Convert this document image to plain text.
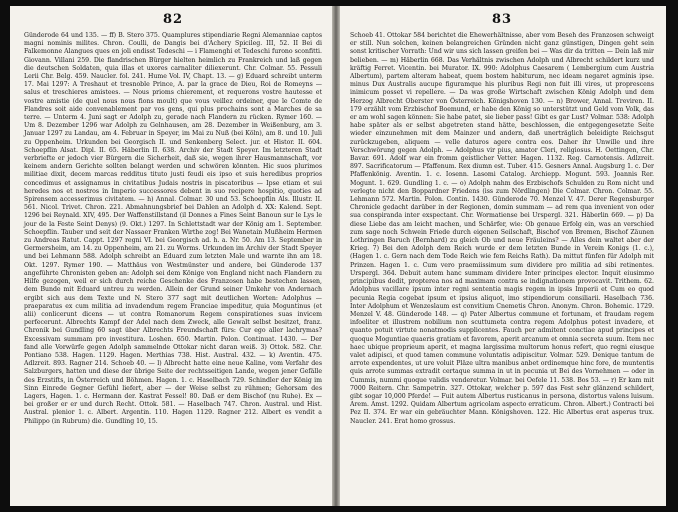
82
Günderode 64 und 135. — ff) B. Stero 375. Quamplures stipendiarie Regni Alemanniae captos magni nominis milites. Chron. Coulli, de Dangis bei d'Achery Spicileg. III, 52. II Bei di Falkemonne Alangues ques en joli endisst Tedeschi — i Flamenghi et Tedeschi furono sconfitti. Giovann. Villani 259. Die flandrischen Bürger hielten heimlich zu Frankreich und laß gegen die deutschen Soldaten, quia illas et uxores carnaliter diliexerunt. Chr. Colmar. 55. Pessuli Lerii Chr. Belg. 459. Naucler. fol. 241. Hume Vol. IV, Chapt. 13. — g) Eduard schreibt unterm 17. Mai 1297: A Treshaut et tresnoble Prince, A. par la grace de Dieu, Roi de Romeyns — salus et treschieres amistees. — Nous prioms chierement, et requerons vostre hautesse et vostre amistie (de quel nous nous fions moult) que vous veillez ordeiner, que le Comte de Flandres soit aide convenablement par vos gens, qui plus prochains sont a Marches de sa terre. — Unterm 4. Juni sagt er Adolph zu, gerade nach Flandern zu rücken. Rymer 160. — Um 8. Dezember 1296 war Adolph zu Gelnhausen, am 28. Dezember in Weißenburg, am 3. Januar 1297 zu Landau, am 4. Februar in Speyer, im Mai zu Nuß (bei Köln), am 8. und 10. Juli zu Oppenheim. Urkunden bei Georgisch II. und Senkenberg Select. jur. et Histor. II. 604. Schoepflin Alsat. Dipl. II. 65. Häberlin II. 638. Archiv der Stadt Speyer. Im letzteren Stadt verbriefte er jedoch vier Bürgern die Sicherheit, daß sie, wegen ihrer Hausmannschaft, vor keinem andern Gerichte sollten belangt werden und schwören könnten. Hic suos plurimos militiae dixit, decem marcas redditus tituto justi feudi eis ipso et suis heredibus proprios concedimus et assignamus in civitatibus Judais nostris in piscatoribus — Ipse etiam et sui heredes nos et nostros in Imperio successores debent in suo recipere hospitio, quoties ad Spirensem accesserimus civitatem. — h) Annal. Colmar. 30 und 53. Schoepflin Als. Illustr. II. 561. Nicol. Trivet. Chron. 221. Abmahnungsbrief bei Dahlen an Adolph d. XX: Kalend. Sept. 1296 bei Reynald. XIV, 495. Der Waffenstillstand (il Donnes a Fines Seint Banoun sur le Lys le jour de la Feste Seint Denys) (9. Okt.) 1297. In Schlettstadt war der König am 1. September. Schoepflin. Tauber und seit der Nassaer Franken Wirthe zog! Bei Wanetain Mußheim Hermen zu Andreas Ratut. Cappt. 1297 regni VI. bei Georgisch ad. h. a. Nr. 50. Am 13. September in Germersheim, am 14. zu Oppenheim, am 21. zu Worms. Urkunden im Archiv der Stadt Speyer und bei Lehmann 588. Adolph schreibt an Eduard zum letzten Male und warnte ihn am 18. Okt. 1297. Rymer 190. — Matthäus von Westmünster und andere, bei Günderode 137 angeführte Chronisten geben an: Adolph sei dem Könige von England nicht nach Flandern zu Hilfe gezogen, weil er sich durch reiche Geschenke des Franzosen habe bestechen lassen, dem Bunde mit Eduard untreu zu werden. Allein der Grund seiner Umkehr von Andernach ergibt sich aus dem Texte und N. Stero 377 sagt mit deutlichen Worten: Adolphus — praeparatus ex cum militia ad invadendum regem Franciae impeditur, quia Moguntinus (et alii) conlicerunt dicens — ut contra Romanorum Regem conspirationes suas invicem perfecerunt. Albrechts Kampf der Adel nach dem Zweck, alle Gewalt selbst besitzet, franz. Chronik bei Gundling 60 sagt über Albrechts Freundschaft fürs: Cur ego aller lachrymas? Excessivam summam pro investitura. Loshen. 650. Martin. Polon. Continuat. 1430. — Der fand alle Vorwürfe gegen Adolph sammelnde Ottokar nicht daran weiß. 3) Ottok. 582. Chr. Pontiano 538. Hagen. 1129. Hagen. Merthias 738. Hist. Austral. 432. — k) Aventin. 475. Adlzreit. 893. Ragner 214. Schoeb 40. — l) Albrecht hatte eine neue Kaline, vom Verfahr des Salzburgers, hatten und diese der übrige Seite der rechtsseitigen Lande, wegen jener Gefälle des Erzstifts, in Österreich und Böhmen. Hagen. 1. c. Haselbach 729. Schindler der König im Sinn Einrede Gegner Gefühl liefert, aber — der Weise selbst zu rühmen; Gehorsam des Lagers, Hagen. 1. c. Hermann der. Kastrat Fessel! 80. Daß er dem Bischof (nu Ruhe). Ex — bei großer er er und durch Recht. Ottok. 581. — Haselbach 747. Chron. Austral. und Hist. Austral. plenior 1. c. Albert. Argentin. 110. Hagen 1129. Ragner 212. Albert es vendit a Philippo (in Rubrum) die. Gundling 10, 15.
83
Schoeb 41. Ottokar 584 berichtet die Ehewerhältnisse, aber vom Beseh des Franzosen schweigt er still. Nun solchen, keinen belangreichen Gründen nicht ganz günstigen, Dingen geht sein sonst kritischer Vorrath: Und wir uns sich lassen greifen bei — Was dir da tritten — Dein laß mir belieben. — m) Häberlin 668. Das Verhältnis zwischen Adolph und Albrecht schildert kurz und kräftig Ferret. Vicentin. bei Murator. IX. 990: Adolphus Caesarem ( Lembergium cum Austria Albertum), partem alteram habeat, quem bostem habiturum, nec ideam negaret agminis ipse. minus Dux Australis aucupe figuramque his pluribus Regi non fuit illi vires, ut proprescens inimicum posset vi repellere. — Da was große Wirtschaft zwischen König Adolph und dem Herzog Albrecht Oberster von Österreich. Königshoven 130. — n) Brower, Annal. Treviren. II. 179 erzählt vom Erzbischof Boemund, er habe den König so unterstützt und Geld vom Volk, das er am wohl sagen können: Sie habe patet, sie lieber pass! Gibt es gar Lust? Volmar. 538: Adolph habe später als er selbst abgetreten stand hätte, beschlossen, die entgegengesetzte Seite wieder einzunehmen mit dem Mainzer und andern, daß unerträglich beleidigte Reichsgut zurückzugeben, aliquem — velle daturos agere contra eos. Daher ihr Unwille und ihre Verschwörung gegen Adolph. — Adolphus vir pius, amator Cleri, religiosus. H. Oettingen, Chr. Bavar. 691. Adolf war ein fromm geistlicher Vetter. Hagen. 1132. Reg. Carnotensis. Adlzreit. 897. Sacrificatorum — Pfaffenum. Rex diumn est. Tuber. 415. Gesners Annal. Augsburg 1. c. Der Pfaffenkönig. Aventin. 1. c. Iosenn. Lasomi Catalog. Archiepp. Mogunt. 593. Joannis Rer. Mogunt. 1. 629. Gundling 1. c. — o) Adolph nahm des Erzbischofs Schulden zu Rom nicht und verlegte nicht den Boppardner Friedens (iss zum Nördlingen) Die Colmar. Chron. Colmar. 55. Lehmann 572. Martin. Polon. Contin. 1430. Günderode 70. Menzel V. 47. Derer Regensburger Chronicle gedacht darüber in der Regionen, domin summam — ad rem qua invenient von oder sua conspiranda inter exspectant. Chr. Wormatiense bei Urspergl. 321. Häberlin 669. — p) Da diese Liebe das am leicht machen, und Schärfer, wie: Ob genaue Erfolg ein, was an verschied zum sage noch Schwein Friede durch eigenen Seilschaft, Bischof von Bremen, Bischof Zäunen Lothringen Baruch (Bernhard) zu gleich Ob und neue Fräuleins? — Alles dein waltet aber der Krieg. 7) Bei den Adolph dem Reich wurde er dem letzten Bunde in Verein Konigs (1. c.), (Hagen 1. c. Gern nach dem Tode Reich wie fem Reichs Rath). Da mittut fünfen für Adolph mit Prinzen. Hagen 1. c. Cum vero praemiissimum sum dividere pro militia ad sibi retinentes. Urspergl. 364. Debuit autem hanc summam dividere Inter principes elector. Inquit eiusimmo principibus dedit, propterea nos ad maximam contra se indignationem provocavit. Trithem. 62. Adolphus vacillare ipsum inter regni sententia magis regem in ipsis Imperii et Cum eo quod pecunia Regia cogebat ipsum et ipsius aliquot, imo stipendiorum consiliarii. Haselbach 736. Inter Adolphum et Wenzeslaum est convitium Cnemetis Chron. Anonym. Chron. Bohemic. 1729. Menzel V. 48. Günderode 148. — q) Pater Albertus commune et fortunam, et fraudam regem infoeliter et illustrem nobilium non scuttumeta contra regem Adolphus potest invadere, et quanto potuit virtute nonatmodis supplicentes. Fauch per admitent conctiae apud principes et quoque Moguntiae quaeris gratiam et favorem, aperit arcanum et omnia secreta suum. Item nec haec ubique proprieum aperit, et magna largissima multorum honus refert, quo regni eiusque valet adipisci, et quod tamen commune voluntatis adipiscitur. Volmar. 529. Denique tantum de arrote expendentes, ut ure voluit Pläze ultra manibus anbet ordinemque hinc fore, de muntentis quis arrote summas extradit certaque summa in ut in pecunia ut Bei des Vornehmen — oder in Cummis, nummi quoque validis venderetur. Volmar. bei Oefele 11. 538. Bos 53. — r) Er kam mit 7000 Reitern. Chr. Sampetrin. 327. Ottokar, welcher p. 597 das Fest sehr glänzend schildert, gibt sogar 10,000 Pferde! — Fuit autem Albertus rusticanus in persona, distortus valens luisum. Arem. Amst. 1292. Quidam Albertum agricolam aspecto erraticum. Chron. Albert.) Contracti bei Pez II. 374. Er war ein gebräuchter Mann. Königshoven. 122. Hic Albertus erat asperus trux. Naucler. 241. Erat homo grossus.
